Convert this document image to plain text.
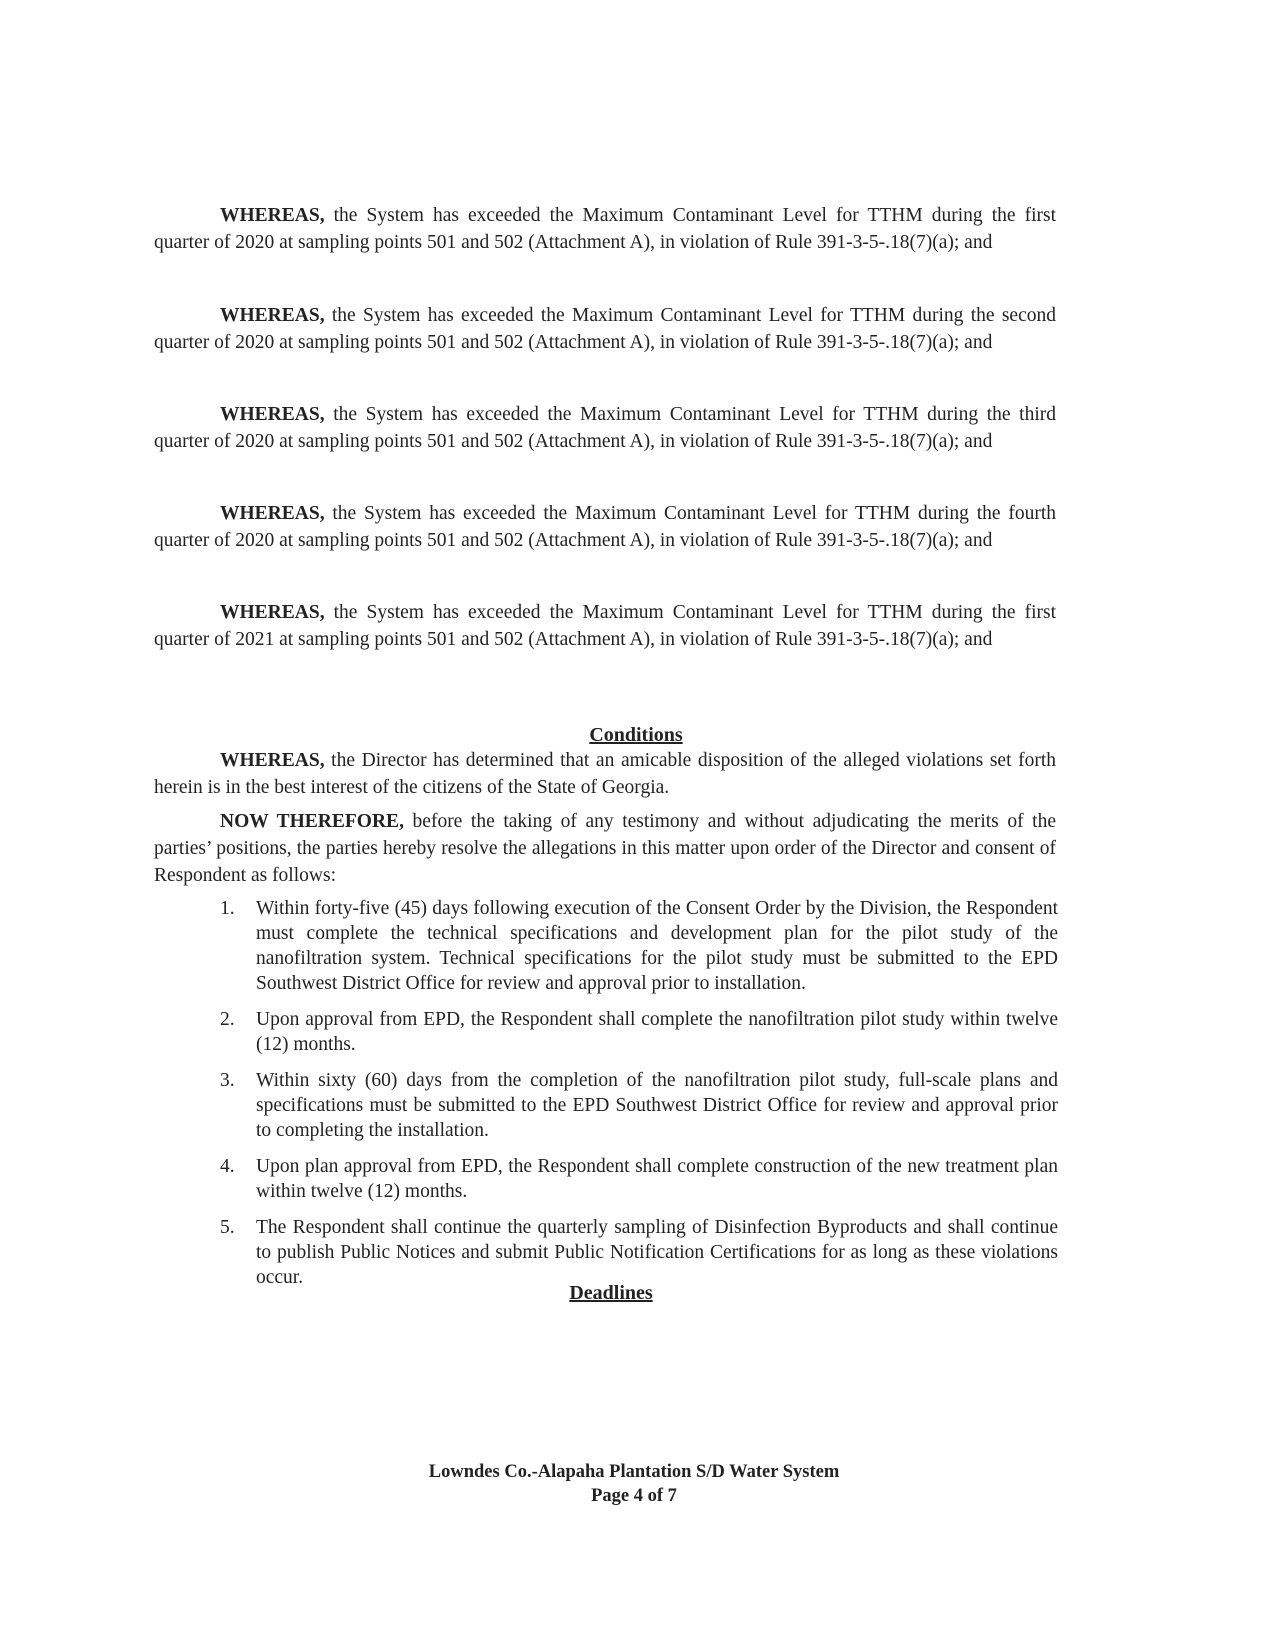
WHEREAS, the System has exceeded the Maximum Contaminant Level for TTHM during the first quarter of 2020 at sampling points 501 and 502 (Attachment A), in violation of Rule 391-3-5-.18(7)(a); and
WHEREAS, the System has exceeded the Maximum Contaminant Level for TTHM during the second quarter of 2020 at sampling points 501 and 502 (Attachment A), in violation of Rule 391-3-5-.18(7)(a); and
WHEREAS, the System has exceeded the Maximum Contaminant Level for TTHM during the third quarter of 2020 at sampling points 501 and 502 (Attachment A), in violation of Rule 391-3-5-.18(7)(a); and
WHEREAS, the System has exceeded the Maximum Contaminant Level for TTHM during the fourth quarter of 2020 at sampling points 501 and 502 (Attachment A), in violation of Rule 391-3-5-.18(7)(a); and
WHEREAS, the System has exceeded the Maximum Contaminant Level for TTHM during the first quarter of 2021 at sampling points 501 and 502 (Attachment A), in violation of Rule 391-3-5-.18(7)(a); and
Conditions
WHEREAS, the Director has determined that an amicable disposition of the alleged violations set forth herein is in the best interest of the citizens of the State of Georgia.
NOW THEREFORE, before the taking of any testimony and without adjudicating the merits of the parties’ positions, the parties hereby resolve the allegations in this matter upon order of the Director and consent of Respondent as follows:
1. Within forty-five (45) days following execution of the Consent Order by the Division, the Respondent must complete the technical specifications and development plan for the pilot study of the nanofiltration system. Technical specifications for the pilot study must be submitted to the EPD Southwest District Office for review and approval prior to installation.
2. Upon approval from EPD, the Respondent shall complete the nanofiltration pilot study within twelve (12) months.
3. Within sixty (60) days from the completion of the nanofiltration pilot study, full-scale plans and specifications must be submitted to the EPD Southwest District Office for review and approval prior to completing the installation.
4. Upon plan approval from EPD, the Respondent shall complete construction of the new treatment plan within twelve (12) months.
5. The Respondent shall continue the quarterly sampling of Disinfection Byproducts and shall continue to publish Public Notices and submit Public Notification Certifications for as long as these violations occur.
Deadlines
Lowndes Co.-Alapaha Plantation S/D Water System
Page 4 of 7
